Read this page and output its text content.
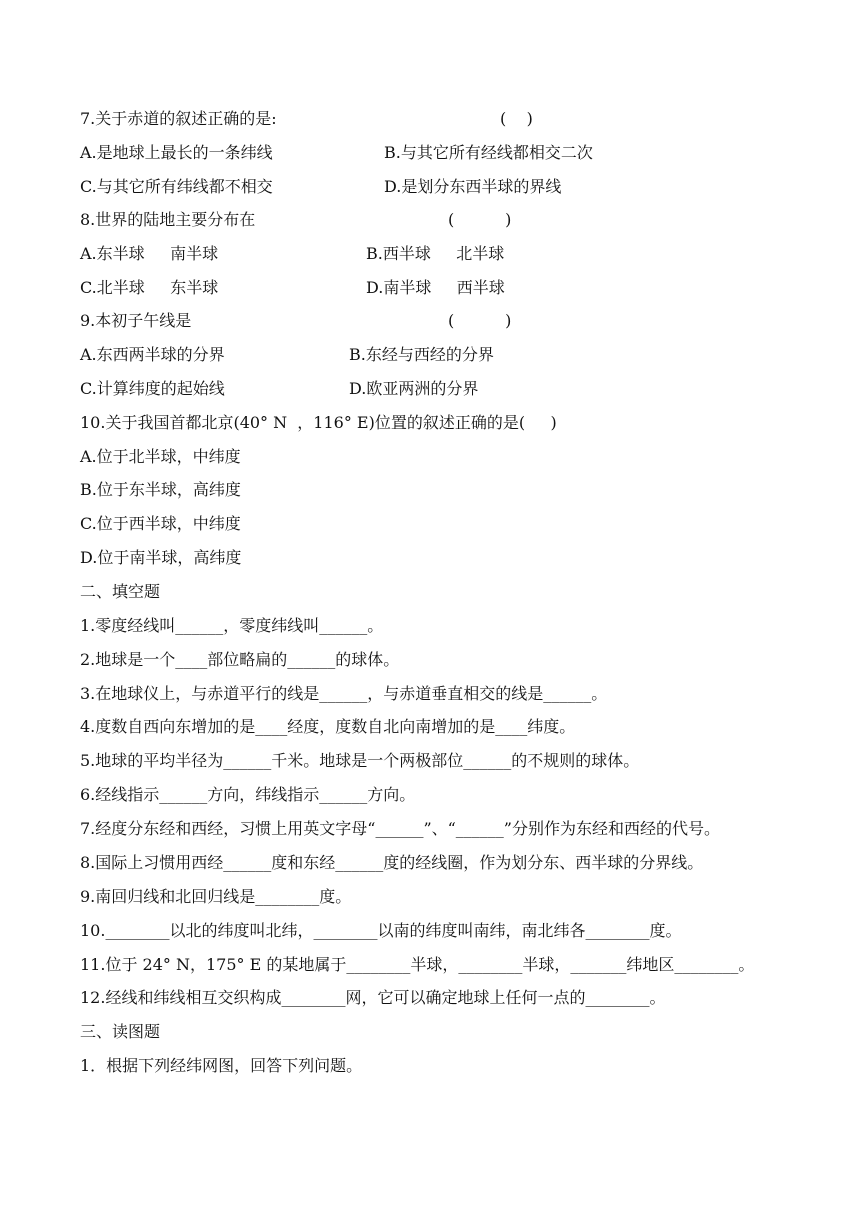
7.关于赤道的叙述正确的是:	(    )
A.是地球上最长的一条纬线	B.与其它所有经线都相交二次
C.与其它所有纬线都不相交	D.是划分东西半球的界线
8.世界的陆地主要分布在	(          )
A.东半球     南半球	B.西半球     北半球
C.北半球     东半球	D.南半球     西半球
9.本初子午线是	(          )
A.东西两半球的分界	B.东经与西经的分界
C.计算纬度的起始线	D.欧亚两洲的分界
10.关于我国首都北京(40° N  ，116° E)位置的叙述正确的是(     )
A.位于北半球，中纬度
B.位于东半球，高纬度
C.位于西半球，中纬度
D.位于南半球，高纬度
二、填空题
1.零度经线叫______，零度纬线叫______。
2.地球是一个____部位略扁的______的球体。
3.在地球仪上，与赤道平行的线是______，与赤道垂直相交的线是______。
4.度数自西向东增加的是____经度，度数自北向南增加的是____纬度。
5.地球的平均半径为______千米。地球是一个两极部位______的不规则的球体。
6.经线指示______方向，纬线指示______方向。
7.经度分东经和西经，习惯上用英文字母“______”、“______”分别作为东经和西经的代号。
8.国际上习惯用西经______度和东经______度的经线圈，作为划分东、西半球的分界线。
9.南回归线和北回归线是________度。
10.________以北的纬度叫北纬，________以南的纬度叫南纬，南北纬各________度。
11.位于 24° N，175° E 的某地属于________半球，________半球，_______纬地区________。
12.经线和纬线相互交织构成________网，它可以确定地球上任何一点的________。
三、读图题
1．根据下列经纬网图，回答下列问题。
